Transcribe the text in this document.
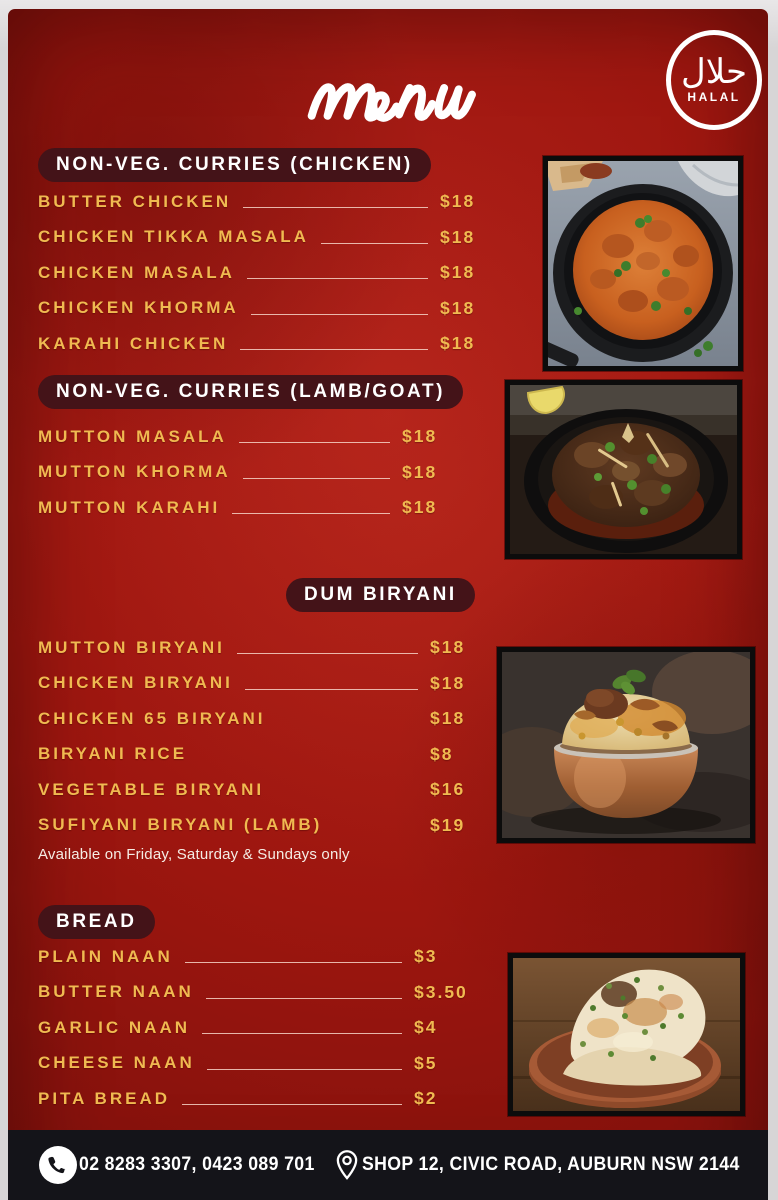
حلال
HALAL
NON-VEG. CURRIES (CHICKEN)
BUTTER CHICKEN	$18
CHICKEN TIKKA MASALA	$18
CHICKEN MASALA	$18
CHICKEN KHORMA	$18
KARAHI CHICKEN	$18
NON-VEG. CURRIES (LAMB/GOAT)
MUTTON MASALA	$18
MUTTON KHORMA	$18
MUTTON KARAHI	$18
DUM BIRYANI
MUTTON BIRYANI	$18
CHICKEN BIRYANI	$18
CHICKEN 65 BIRYANI	$18
BIRYANI RICE	$8
VEGETABLE BIRYANI	$16
SUFIYANI BIRYANI (LAMB)	$19
Available on Friday, Saturday & Sundays only
BREAD
PLAIN NAAN	$3
BUTTER NAAN	$3.50
GARLIC NAAN	$4
CHEESE NAAN	$5
PITA BREAD	$2
02 8283 3307, 0423 089 701	SHOP 12, CIVIC ROAD, AUBURN NSW 2144
